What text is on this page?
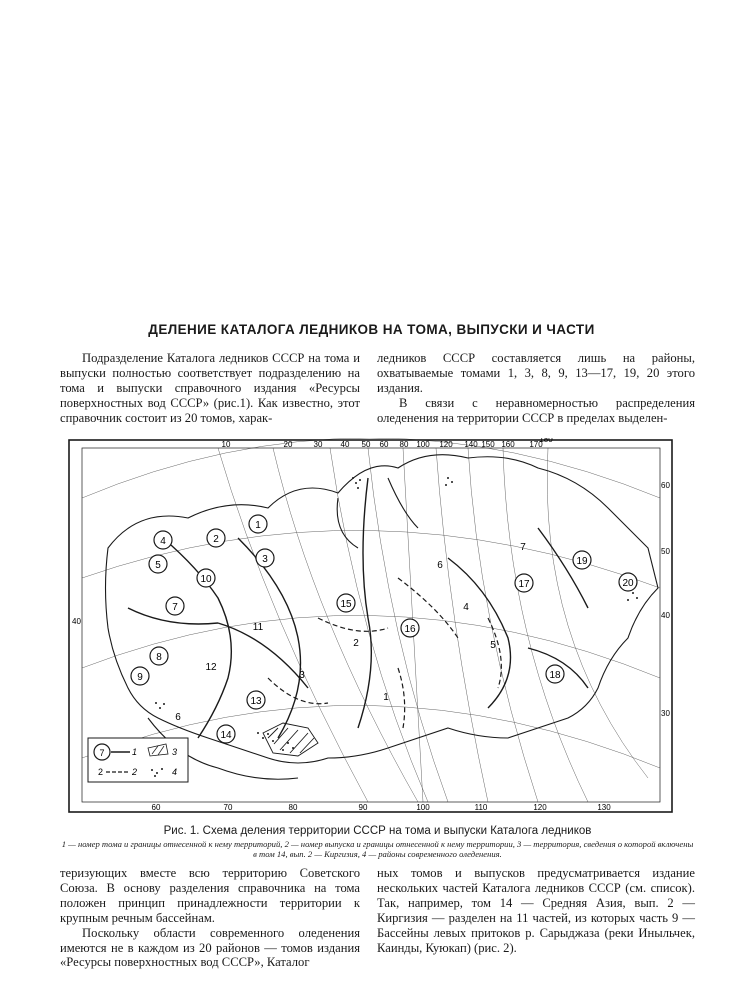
ДЕЛЕНИЕ КАТАЛОГА ЛЕДНИКОВ НА ТОМА, ВЫПУСКИ И ЧАСТИ

Подразделение Каталога ледников СССР на тома и выпуски полностью соответствует подразделению на тома и выпуски справочного издания «Ресурсы поверхностных вод СССР» (рис.1). Как известно, этот справочник состоит из 20 томов, харак-

ледников СССР составляется лишь на районы, охватываемые томами 1, 3, 8, 9, 13—17, 19, 20 этого издания.

В связи с неравномерностью распределения оледенения на территории СССР в пределах выделен-

1
2
3
4
5	6
7
8
9
10
11
12
13
14
15
16
17
18
19
20
1
2
3
4
5
6
7
10	20	30 40 50 60 80 100 120 140 150 160 170
180
60	70	80	90	100	110	120	130
60
50
40
30
40
7	1
2	2
3
4
Рис. 1. Схема деления территории СССР на тома и выпуски Каталога ледников
1 — номер тома и границы отнесенной к нему территорий, 2 — номер выпуска и границы отнесенной к нему территории, 3 — территория, сведения о которой включены в том 14, вып. 2 — Киргизия, 4 — районы современного оледенения.

теризующих вместе всю территорию Советского Союза. В основу разделения справочника на тома положен принцип принадлежности территории к крупным речным бассейнам.

Поскольку области современного оледенения имеются не в каждом из 20 районов — томов издания «Ресурсы поверхностных вод СССР», Каталог

ных томов и выпусков предусматривается издание нескольких частей Каталога ледников СССР (см. список). Так, например, том 14 — Средняя Азия, вып. 2 — Киргизия — разделен на 11 частей, из которых часть 9 — Бассейны левых притоков р. Сарыджаза (реки Иныльчек, Каинды, Куюкап) (рис. 2).
